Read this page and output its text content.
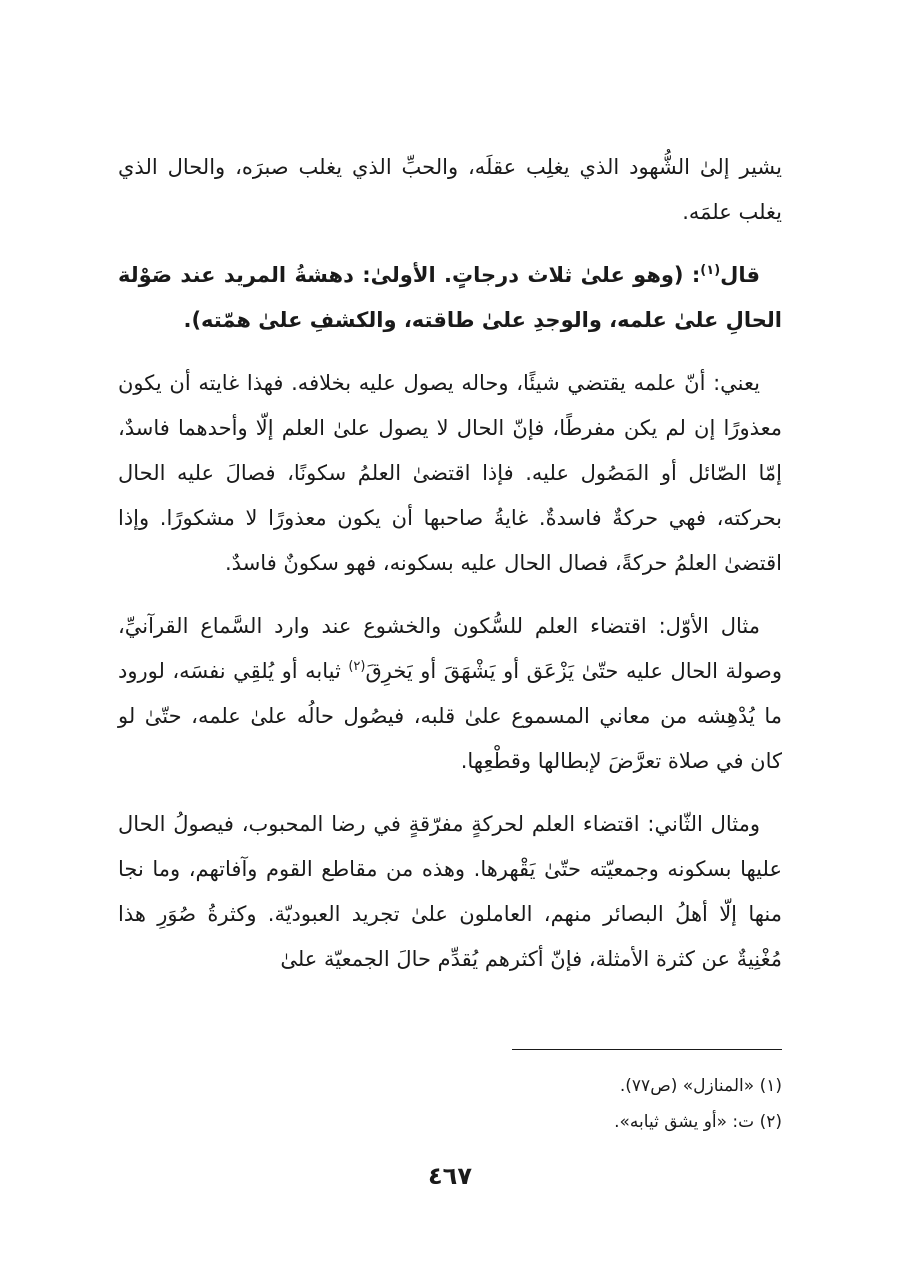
يشير إلىٰ الشُّهود الذي يغلِب عقلَه، والحبِّ الذي يغلب صبرَه، والحال الذي يغلب علمَه.

قال$^{(١)}$: (وهو علىٰ ثلاث درجاتٍ. الأولىٰ: دهشةُ المريد عند صَوْلة الحالِ علىٰ علمه، والوجدِ علىٰ طاقته، والكشفِ علىٰ همّته).

يعني: أنّ علمه يقتضي شيئًا، وحاله يصول عليه بخلافه. فهذا غايته أن يكون معذورًا إن لم يكن مفرطًا، فإنّ الحال لا يصول علىٰ العلم إلّا وأحدهما فاسدٌ، إمّا الصّائل أو المَصُول عليه. فإذا اقتضىٰ العلمُ سكونًا، فصالَ عليه الحال بحركته، فهي حركةٌ فاسدةٌ. غايةُ صاحبها أن يكون معذورًا لا مشكورًا. وإذا اقتضىٰ العلمُ حركةً، فصال الحال عليه بسكونه، فهو سكونٌ فاسدٌ.

مثال الأوّل: اقتضاء العلم للسُّكون والخشوع عند وارد السَّماع القرآنيِّ، وصولة الحال عليه حتّىٰ يَزْعَق أو يَشْهَقَ أو يَخرِقَ$^{(٢)}$ ثيابه أو يُلقِي نفسَه، لورود ما يُدْهِشه من معاني المسموع علىٰ قلبه، فيصُول حالُه علىٰ علمه، حتّىٰ لو كان في صلاة تعرَّضَ لإبطالها وقطْعِها.

ومثال الثّاني: اقتضاء العلم لحركةٍ مفرّقةٍ في رضا المحبوب، فيصولُ الحال عليها بسكونه وجمعيّته حتّىٰ يَقْهرها. وهذه من مقاطع القوم وآفاتهم، وما نجا منها إلّا أهلُ البصائر منهم، العاملون علىٰ تجريد العبوديّة. وكثرةُ صُوَرِ هذا مُغْنِيةٌ عن كثرة الأمثلة، فإنّ أكثرهم يُقدِّم حالَ الجمعيّة علىٰ

(١) «المنازل» (ص٧٧).
(٢) ت: «أو يشق ثيابه».
٤٦٧
